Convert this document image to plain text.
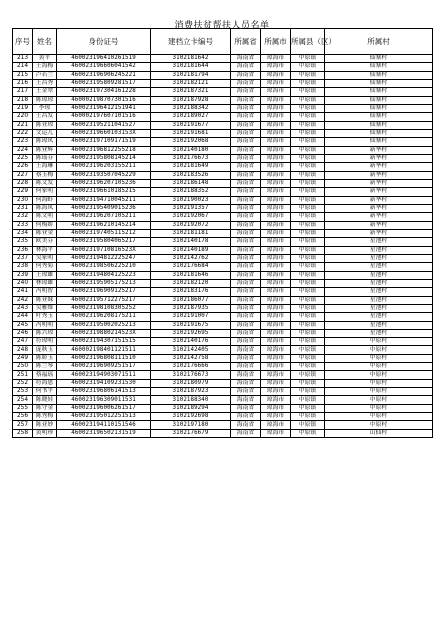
消费扶贫帮扶人员名单
序号	姓名	身份证号	建档立卡编号	所属省	所属市	所属县（区）	所属村
213	黄平	460023196410261519	3102181642	海南省	琼海市	中原镇	仙寨村
214	王海梅	460023196606041542	3102181644	海南省	琼海市	中原镇	仙寨村
215	卢若兰	460023196906245221	3102181794	海南省	琼海市	中原镇	仙寨村
216	王昌秀	460023195809281517	3102182121	海南省	琼海市	中原镇	仙寨村
217	王金翠	460023197304161228	3102187321	海南省	琼海市	中原镇	仙寨村
218	陈琼琼	460002198707301516	3102187928	海南省	琼海市	中原镇	仙寨村
219	李琼	460023196412151941	3102188342	海南省	琼海市	中原镇	仙寨村
220	王昌发	460002197607101516	3102189027	海南省	琼海市	中原镇	仙寨村
221	陈亚琼	460023195211041527	3102191677	海南省	琼海市	中原镇	仙寨村
222	文运儿	46002319660103153X	3102191681	海南省	琼海市	中原镇	仙寨村
223	陈琼凤	460023197109171519	3102192068	海南省	琼海市	中原镇	仙寨村
224	陈业辉	460023196812255218	3102140180	海南省	琼海市	中原镇	新华村
225	陈瑶芬	460023195808145214	3102176673	海南省	琼海市	中原镇	新华村
226	王海琳	460023196203155211	3102181649	海南省	琼海市	中原镇	新华村
227	蔡玉梅	460023193507045229	3102183526	海南省	琼海市	中原镇	新华村
228	陈文发	460023196207105236	3102186148	海南省	琼海市	中原镇	新华村
229	何家明	460023196610185215	3102188352	海南省	琼海市	中原镇	新华村
230	何海虾	460023194710045211	3102190023	海南省	琼海市	中原镇	新华村
231	陈海凤	460023195409015236	3102191357	海南省	琼海市	中原镇	新华村
232	陈文明	460023196207105211	3102192067	海南省	琼海市	中原镇	新华村
233	何梅娇	460023196210145214	3102192072	海南省	琼海市	中原镇	新华村
234	陈业金	460023197405115212	3102181181	海南省	琼海市	中原镇	新华村
235	欧美芬	460023195804065217	3102140178	海南省	琼海市	中原镇	星池村
236	林海平	46002319710816523X	3102140189	海南省	琼海市	中原镇	星池村
237	吴家明	460023194812225247	3102142762	海南省	琼海市	中原镇	星池村
238	何秀菊	460023198506225210	3102176684	海南省	琼海市	中原镇	星池村
239	王琼雄	460023194804125223	3102181646	海南省	琼海市	中原镇	星池村
240	林琼雄	460023195905175213	3102182120	海南省	琼海市	中原镇	星池村
241	冯明智	460023196909125217	3102183176	海南省	琼海市	中原镇	星池村
242	陈亚妹	460023195712275217	3102186077	海南省	琼海市	中原镇	星池村
243	吴雅维	460023198108305252	3102187935	海南省	琼海市	中原镇	星池村
244	叶秀玉	460023196208175211	3102191007	海南省	琼海市	中原镇	星池村
245	冯明明	460023195002025213	3102191675	海南省	琼海市	中原镇	星池村
246	陈兴琼	46002319880214523X	3102192695	海南省	琼海市	中原镇	星池村
247	符琼明	460023194307151515	3102140176	海南省	琼海市	中原镇	中原村
248	庞秋玉	460002198401121511	3102142405	海南省	琼海市	中原镇	中原村
249	陈娇玉	460023196808111510	3102142758	海南省	琼海市	中原镇	中原村
250	陈兰琴	460023196909251517	3102176666	海南省	琼海市	中原镇	中原村
251	蔡福瑶	460023194903071511	3102176673	海南省	琼海市	中原镇	中原村
252	符海恩	460023194109231530	3102180979	海南省	琼海市	中原镇	中原村
253	何书平	460023196806141513	3102187923	海南省	琼海市	中原镇	中原村
254	陈晓娃	460023196309011531	3102188340	海南省	琼海市	中原镇	中原村
255	陈守金	460023196006261517	3102189294	海南省	琼海市	中原镇	中原村
256	陈秀梅	460023195012251513	3102192698	海南省	琼海市	中原镇	中原村
257	陈亚妙	460023194110151546	3102197180	海南省	琼海市	中原镇	中原村
258	黄明珍	460023196502131519	3102176679	海南省	琼海市	中原镇	山仙村
